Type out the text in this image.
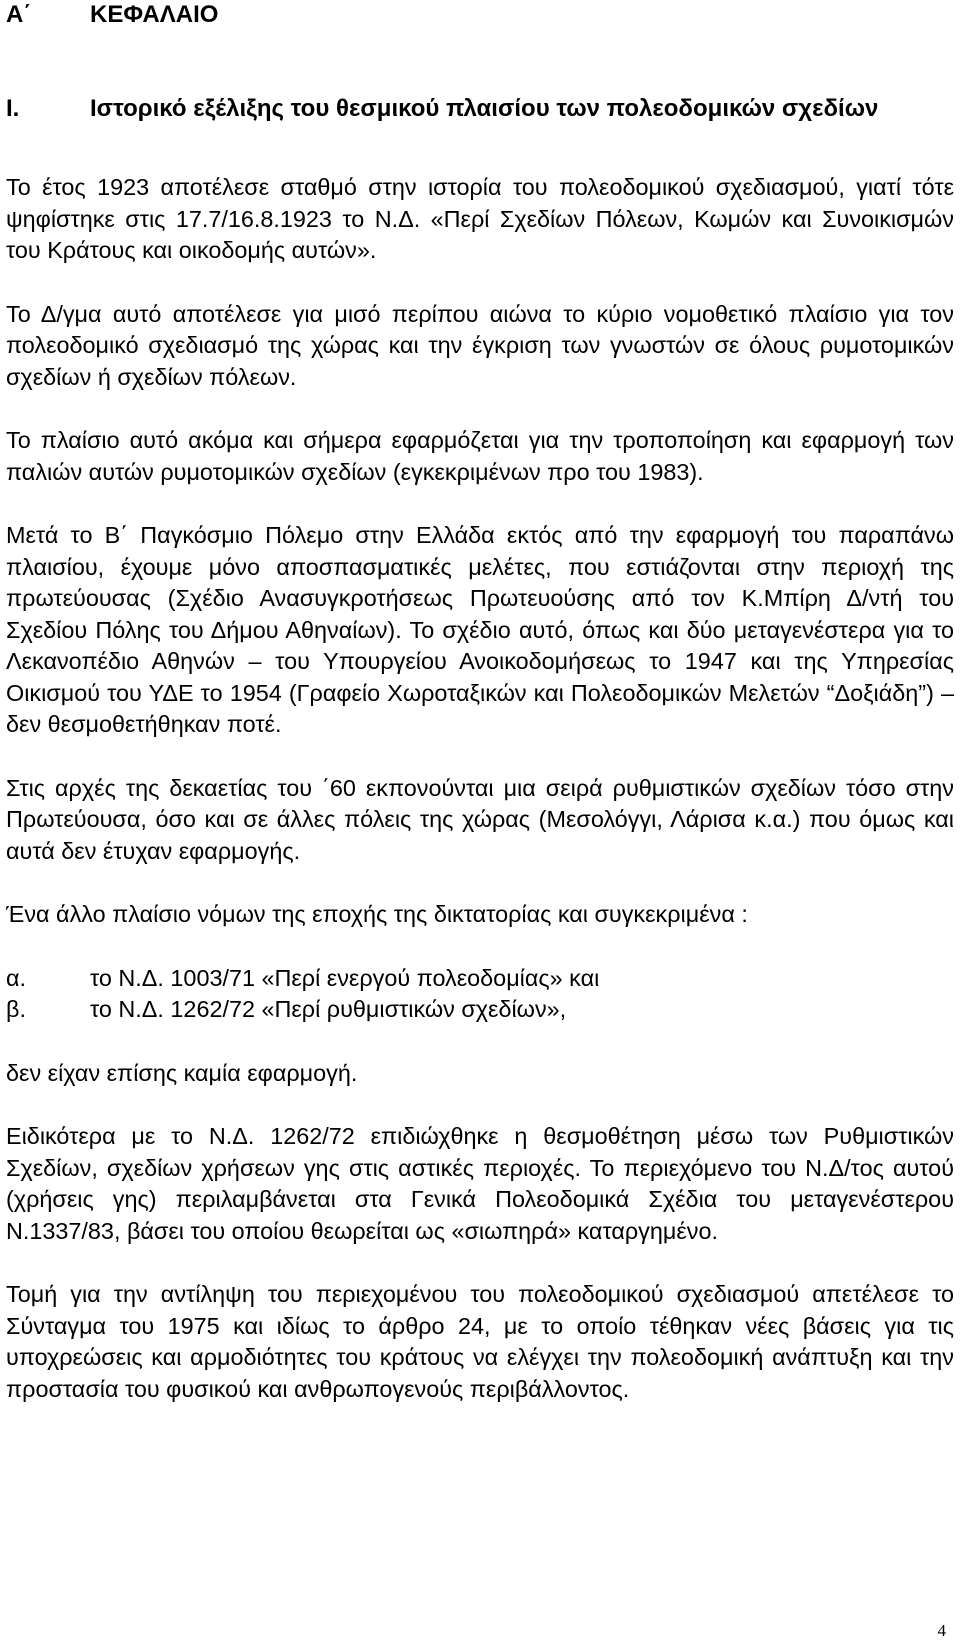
Α΄	ΚΕΦΑΛΑΙΟ
I.	Ιστορικό εξέλιξης του θεσμικού πλαισίου των πολεοδομικών σχεδίων

Το έτος 1923 αποτέλεσε σταθμό στην ιστορία του πολεοδομικού σχεδιασμού, γιατί τότε ψηφίστηκε στις 17.7/16.8.1923 το Ν.Δ. «Περί Σχεδίων Πόλεων, Κωμών και Συνοικισμών του Κράτους και οικοδομής αυτών».

Το Δ/γμα αυτό αποτέλεσε για μισό περίπου αιώνα το κύριο νομοθετικό πλαίσιο για τον πολεοδομικό σχεδιασμό της χώρας και την έγκριση των γνωστών σε όλους ρυμοτομικών σχεδίων ή σχεδίων πόλεων.

Το πλαίσιο αυτό ακόμα και σήμερα εφαρμόζεται για την τροποποίηση και εφαρμογή των παλιών αυτών ρυμοτομικών σχεδίων (εγκεκριμένων προ του 1983).

Μετά το Β΄ Παγκόσμιο Πόλεμο στην Ελλάδα εκτός από την εφαρμογή του παραπάνω πλαισίου, έχουμε μόνο αποσπασματικές μελέτες, που εστιάζονται στην περιοχή της πρωτεύουσας (Σχέδιο Ανασυγκροτήσεως Πρωτευούσης από τον Κ.Μπίρη Δ/ντή του Σχεδίου Πόλης του Δήμου Αθηναίων). Το σχέδιο αυτό, όπως και δύο μεταγενέστερα για το Λεκανοπέδιο Αθηνών – του Υπουργείου Ανοικοδομήσεως το 1947 και της Υπηρεσίας Οικισμού του ΥΔΕ το 1954 (Γραφείο Χωροταξικών και Πολεοδομικών Μελετών “Δοξιάδη”) – δεν θεσμοθετήθηκαν ποτέ.

Στις αρχές της δεκαετίας του ΄60 εκπονούνται μια σειρά ρυθμιστικών σχεδίων τόσο στην Πρωτεύουσα, όσο και σε άλλες πόλεις της χώρας (Μεσολόγγι, Λάρισα κ.α.) που όμως και αυτά δεν έτυχαν εφαρμογής.

Ένα άλλο πλαίσιο νόμων της εποχής της δικτατορίας και συγκεκριμένα :

α.	το Ν.Δ. 1003/71 «Περί ενεργού πολεοδομίας» και
β.	το Ν.Δ. 1262/72 «Περί ρυθμιστικών σχεδίων»,

δεν είχαν επίσης καμία εφαρμογή.

Ειδικότερα με το Ν.Δ. 1262/72 επιδιώχθηκε η θεσμοθέτηση μέσω των Ρυθμιστικών Σχεδίων, σχεδίων χρήσεων γης στις αστικές περιοχές. Το περιεχόμενο του Ν.Δ/τος αυτού (χρήσεις γης) περιλαμβάνεται στα Γενικά Πολεοδομικά Σχέδια του μεταγενέστερου Ν.1337/83, βάσει του οποίου θεωρείται ως «σιωπηρά» καταργημένο.

Τομή για την αντίληψη του περιεχομένου του πολεοδομικού σχεδιασμού απετέλεσε το Σύνταγμα του 1975 και ιδίως το άρθρο 24, με το οποίο τέθηκαν νέες βάσεις για τις υποχρεώσεις και αρμοδιότητες του κράτους να ελέγχει την πολεοδομική ανάπτυξη και την προστασία του φυσικού και ανθρωπογενούς περιβάλλοντος.

4
